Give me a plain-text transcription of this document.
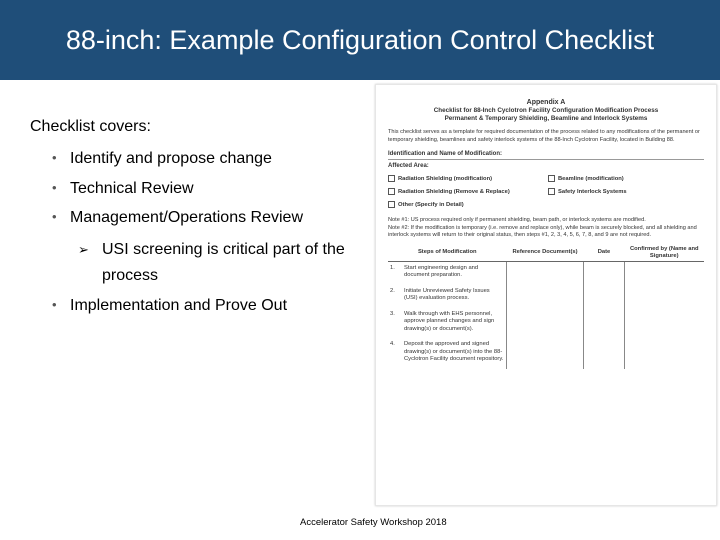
88-inch: Example Configuration Control Checklist
Checklist covers:
• Identify and propose change
• Technical Review
• Management/Operations Review
➢ USI screening is critical part of the process
• Implementation and Prove Out
Appendix A
Checklist for 88-Inch Cyclotron Facility Configuration Modification Process
Permanent & Temporary Shielding, Beamline and Interlock Systems
This checklist serves as a template for required documentation of the process related to any modifications of the permanent or temporary shielding, beamlines and safety interlock systems of the 88-Inch Cyclotron Facility, located in Building 88.
Identification and Name of Modification:
Affected Area:
Radiation Shielding (modification)	Beamline (modification)
Radiation Shielding (Remove & Replace)	Safety Interlock Systems
Other (Specify in Detail)
Note #1: US process required only if permanent shielding, beam path, or interlock systems are modified.
Note #2: If the modification is temporary (i.e. remove and replace only), while beam is securely blocked, and all shielding and interlock systems will return to their original status, then steps #1, 2, 3, 4, 5, 6, 7, 8, and 9 are not required.
Steps of Modification		Reference Document(s)	Date	Confirmed by (Name and Signature)
1.	Start engineering design and document preparation.			
2.	Initiate Unreviewed Safety Issues (USI) evaluation process.			
3.	Walk through with EHS personnel, approve planned changes and sign drawing(s) or document(s).			
4.	Deposit the approved and signed drawing(s) or document(s) into the 88-Cyclotron Facility document repository.			
Accelerator Safety Workshop 2018
